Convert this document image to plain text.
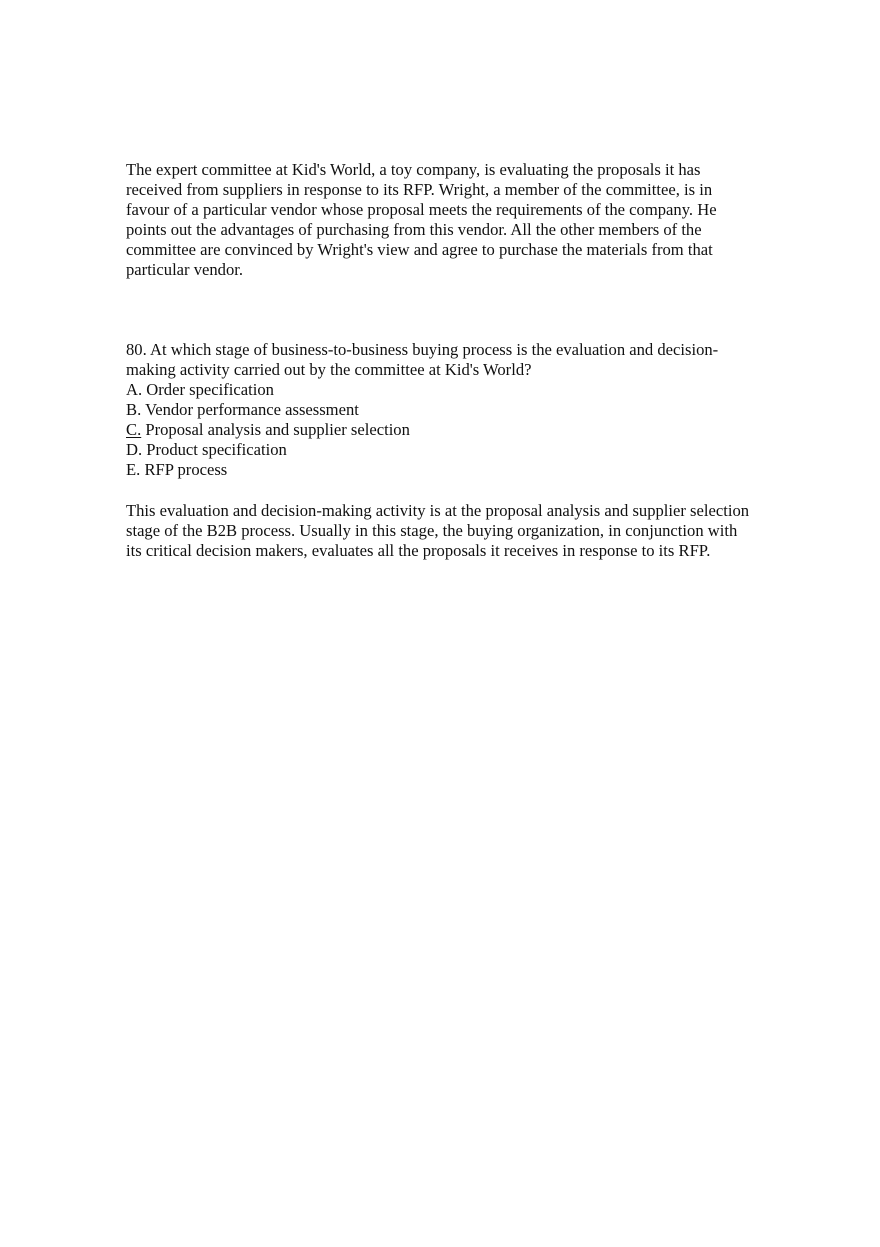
The expert committee at Kid's World, a toy company, is evaluating the proposals it has
received from suppliers in response to its RFP. Wright, a member of the committee, is in
favour of a particular vendor whose proposal meets the requirements of the company. He
points out the advantages of purchasing from this vendor. All the other members of the
committee are convinced by Wright's view and agree to purchase the materials from that
particular vendor.

80. At which stage of business-to-business buying process is the evaluation and decision-
making activity carried out by the committee at Kid's World?

A. Order specification
B. Vendor performance assessment
C. Proposal analysis and supplier selection
D. Product specification
E. RFP process

This evaluation and decision-making activity is at the proposal analysis and supplier selection
stage of the B2B process. Usually in this stage, the buying organization, in conjunction with
its critical decision makers, evaluates all the proposals it receives in response to its RFP.
